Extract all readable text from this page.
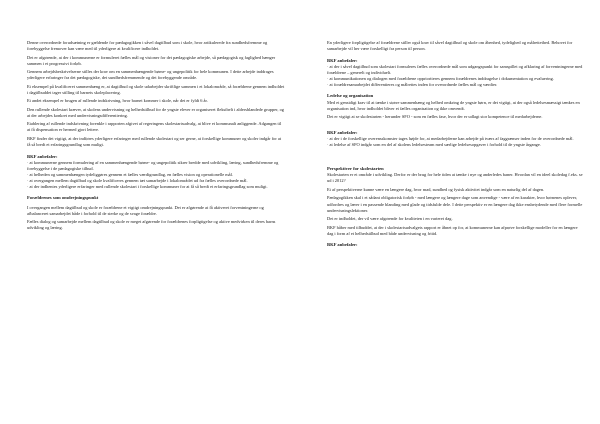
Denne overordnede forudsætning er gældende for pædagogikken i såvel dagtilbud som i skole, hvor artikulerede fra sundhedsfremme og forebyggelse fremover kan være med til yderligere at kvalificere indholdet.

Det er afgørende, at der i kommunerne er formuleret fælles mål og visioner for det pædagogiske arbejde, så pædagogisk og faglighed hænger sammen i et progressivt forløb.

Gennem arbejdsbeskrivelserne stilles der krav om en sammenhængende børne- og ungepolitik for hele kommunen. I dette arbejde inddrages yderligere erfaringer fra det pædagogiske, det sundhedsfremmende og det forebyggende område.

Et eksempel på kvalificeret sammenhæng er, at dagtilbud og skole udarbejder skriftlige sammen i et lokalområde, så forældrene gennem indholdet i dagtilbuddet tager stilling til barnets skoleplacering.

Et andet eksempel er brugen af rullende indskrivning, hvor barnet kommer i skole, når det er fyldt 6 år.

Den rullende skolestart kræver, at skolens undervisning og helhedstilbud for de yngste elever er organiseret fleksibelt i aldersblandede grupper, og at der arbejdes konkret med undervisningsdifferentiering.

Etablering af rullende indskrivning forenkle i rapporten afgivet af regeringens skolestartsudvalg, at blive et kommunalt anliggende. Adgangen til at få dispensation er hermed gjort lettere.

BKF finder det vigtigt, at der indføres yderligere erfaringer med rullende skolestart og ser gerne, at forskellige kommuner og skoler indgår for at få så bredt et erfaringsgrundlag som muligt.

BKF anbefaler:
· at kommunerne gennem formulering af en sammenhængende børne- og ungepolitik sikrer bredde med udvikling, læring, sundhedsfremme og forebyggelse i de pædagogiske tilbud.
· at helheden og sammenhængen tydeliggøres gennem et fælles værdigrundlag, en fælles vision og operationelle mål.
· at overgangen mellem dagtilbud og skole kvalificeres gennem tæt samarbejde i lokalområdet ud fra fælles overordnede mål.
· at der indhentes yderligere erfaringer med rullende skolestart i forskellige kommuner for at få så bredt et erfaringsgrundlag som muligt.
Forældrenes som omdrejningspunkt

I overgangen mellem dagtilbud og skole er forældrene et vigtigt omdrejningspunkt. Det er afgørende at få aktiveret forventningerne og afbalanceret samarbejdet både i forhold til de sterke og de svage forældre.

Fælles dialog og samarbejde mellem dagtilbud og skole er meget afgørende for forældrenes forpligtigelse og aktive medvirken til deres barns udvikling og læring.

En yderligere forpligtigelse af forældrene stiller også krav til såvel dagtilbud og skole om åbenhed, tydelighed og målrettethed. Behovet for samarbejde vil her være forskelligt fra person til person.

BKF anbefaler:
· at der i såvel dagtilbud som skolestart formuleres fælles overordnede mål som udgangspunkt for samspillet og afklaring af forventningerne med forældrene – generelt og individuelt.
· at kommunikationen og dialogen med forældrene opprioriteres gennem forældrenes inddragelse i dokumentation og evaluering.
· at forældresamarbejdet differentieres og målrettes inden for overordnede fælles mål og værdier.
Ledelse og organisation

Med et gensidigt krav til at tænke i større sammenhæng og helhed omkring de yngste børn, er det vigtigt, at der også ledelsesmæssigt tænkes en organisation ind, hvor indholdet bliver et fælles organisation og ikke omvendt.

Det er vigtigt at se skolestarten - herunder SFO - som en fælles fase, hvor der er udlagt stor kompetence til medarbejderne.

BKF anbefaler:
· at der i de forskellige overensskomster tages højde for, at medarbejderne kan arbejde på tværs af faggrænser inden for de overordnede mål.
· at ledelse af SFO indgår som en del af skolens ledelsesteam med særlige ledelsesopgaver i forhold til de yngste årgange.
Perspektiver for skolestarten

Skolestarten er et område i udvikling. Derfor er der brug for hele tiden at tænke i nye og anderledes baner. Hvordan vil en ideel skoledag f.eks. se ud i 2012?

Et af perspektiverne kunne være en længere dag, hvor mad, sundhed og fysisk aktivitet indgår som en naturlig del af dagen.

Pædagogikken skal i et sådant obligatorisk forløb - med længere og længere dage som anvendige - være af en karakter, hvor børnenes oplever, udfordres og lærer i en passende blanding med glade og tidsfulde dele. I dette perspektiv er en længere dag ikke ensbetydende med flere formelle undervisningslektioner.

Det er indholdet, der vil være afgørende for kvaliteten i en varieret dag.

BKF håber med tilbuddet, at der i skolestartsudvalgets rapport er åbnet op for, at kommunerne kan afprøve forskellige modeller for en længere dag i form af et helhedstilbud med både undervisning og fritid.

BKF anbefaler:
